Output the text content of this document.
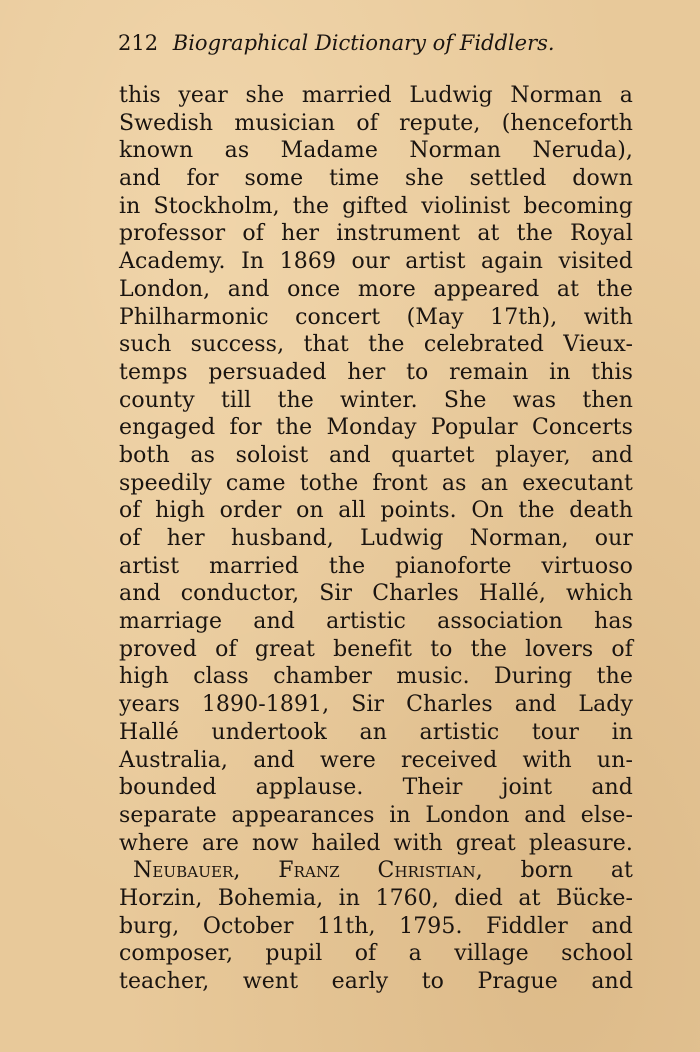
212 Biographical Dictionary of Fiddlers.
this year she married Ludwig Norman a
Swedish musician of repute, (henceforth
known as Madame Norman Neruda),
and for some time she settled down
in Stockholm, the gifted violinist becoming
professor of her instrument at the Royal
Academy. In 1869 our artist again visited
London, and once more appeared at the
Philharmonic concert (May 17th), with
such success, that the celebrated Vieux-
temps persuaded her to remain in this
county till the winter. She was then
engaged for the Monday Popular Concerts
both as soloist and quartet player, and
speedily came tothe front as an executant
of high order on all points. On the death
of her husband, Ludwig Norman, our
artist married the pianoforte virtuoso
and conductor, Sir Charles Hallé, which
marriage and artistic association has
proved of great benefit to the lovers of
high class chamber music. During the
years 1890-1891, Sir Charles and Lady
Hallé undertook an artistic tour in
Australia, and were received with un-
bounded applause. Their joint and
separate appearances in London and else-
where are now hailed with great pleasure.
Neubauer, Franz Christian, born at
Horzin, Bohemia, in 1760, died at Bücke-
burg, October 11th, 1795. Fiddler and
composer, pupil of a village school
teacher, went early to Prague and
